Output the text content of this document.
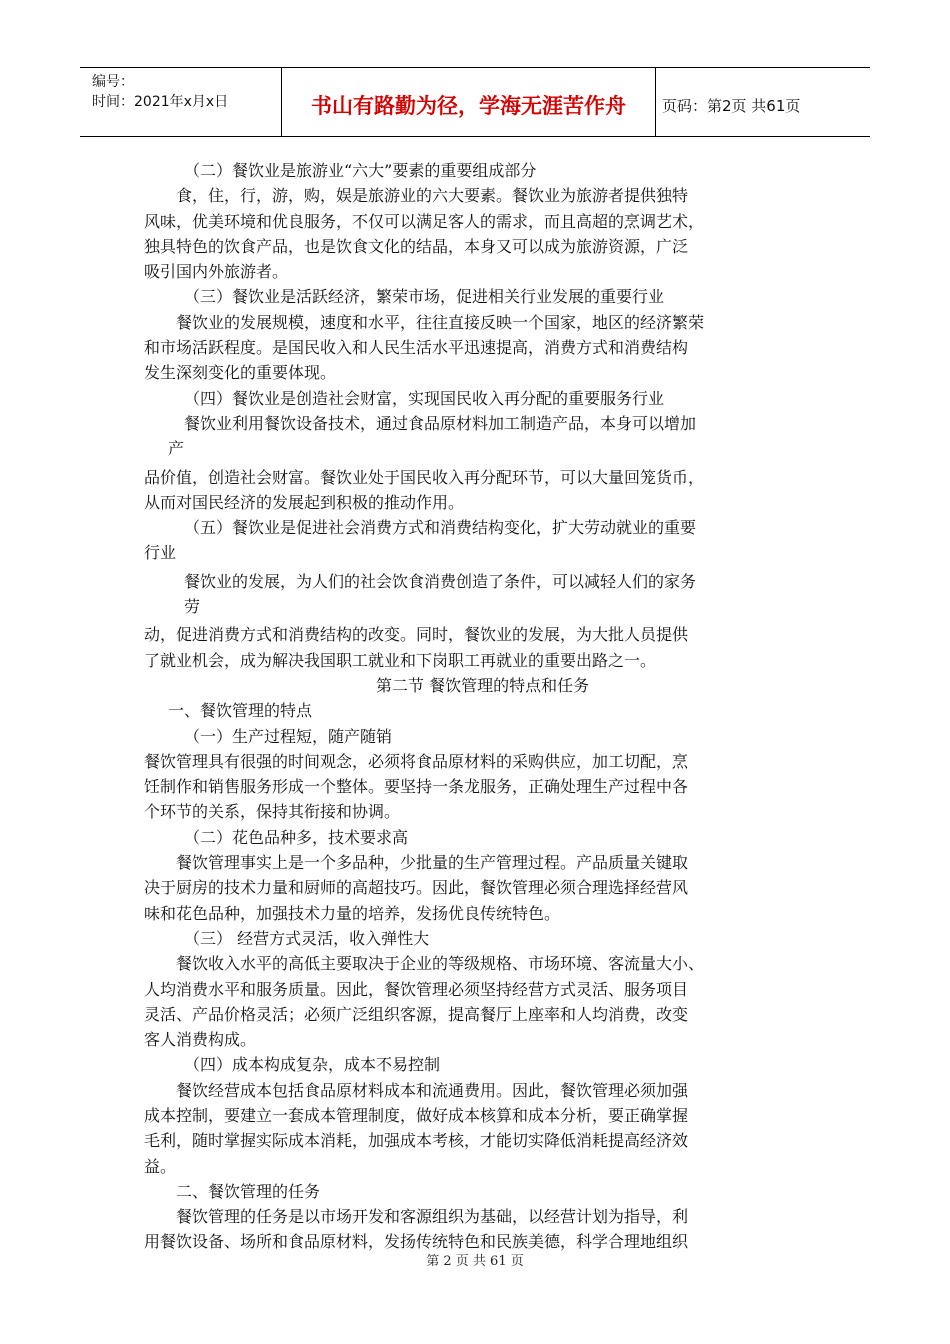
编号：
时间：2021年x月x日	书山有路勤为径，学海无涯苦作舟	页码：第2页 共61页

（二）餐饮业是旅游业“六大”要素的重要组成部分

食，住，行，游，购，娱是旅游业的六大要素。餐饮业为旅游者提供独特

风味，优美环境和优良服务，不仅可以满足客人的需求，而且高超的烹调艺术，

独具特色的饮食产品，也是饮食文化的结晶，本身又可以成为旅游资源，广泛

吸引国内外旅游者。

（三）餐饮业是活跃经济，繁荣市场，促进相关行业发展的重要行业

餐饮业的发展规模，速度和水平，往往直接反映一个国家，地区的经济繁荣

和市场活跃程度。是国民收入和人民生活水平迅速提高，消费方式和消费结构

发生深刻变化的重要体现。

（四）餐饮业是创造社会财富，实现国民收入再分配的重要服务行业

餐饮业利用餐饮设备技术，通过食品原材料加工制造产品，本身可以增加

产

品价值，创造社会财富。餐饮业处于国民收入再分配环节，可以大量回笼货币，

从而对国民经济的发展起到积极的推动作用。

（五）餐饮业是促进社会消费方式和消费结构变化，扩大劳动就业的重要

行业

餐饮业的发展，为人们的社会饮食消费创造了条件，可以减轻人们的家务

劳

动，促进消费方式和消费结构的改变。同时，餐饮业的发展，为大批人员提供

了就业机会，成为解决我国职工就业和下岗职工再就业的重要出路之一。

第二节 餐饮管理的特点和任务

一、餐饮管理的特点

（一）生产过程短，随产随销

餐饮管理具有很强的时间观念，必须将食品原材料的采购供应，加工切配，烹

饪制作和销售服务形成一个整体。要坚持一条龙服务，正确处理生产过程中各

个环节的关系，保持其衔接和协调。

（二）花色品种多，技术要求高

餐饮管理事实上是一个多品种，少批量的生产管理过程。产品质量关键取

决于厨房的技术力量和厨师的高超技巧。因此，餐饮管理必须合理选择经营风

味和花色品种，加强技术力量的培养，发扬优良传统特色。

（三） 经营方式灵活，收入弹性大

餐饮收入水平的高低主要取决于企业的等级规格、市场环境、客流量大小、

人均消费水平和服务质量。因此，餐饮管理必须坚持经营方式灵活、服务项目

灵活、产品价格灵活；必须广泛组织客源，提高餐厅上座率和人均消费，改变

客人消费构成。

（四）成本构成复杂，成本不易控制

餐饮经营成本包括食品原材料成本和流通费用。因此，餐饮管理必须加强

成本控制，要建立一套成本管理制度，做好成本核算和成本分析，要正确掌握

毛利，随时掌握实际成本消耗，加强成本考核，才能切实降低消耗提高经济效

益。

二、餐饮管理的任务

餐饮管理的任务是以市场开发和客源组织为基础，以经营计划为指导，利

用餐饮设备、场所和食品原材料，发扬传统特色和民族美德，科学合理地组织

第 2 页 共 61 页
